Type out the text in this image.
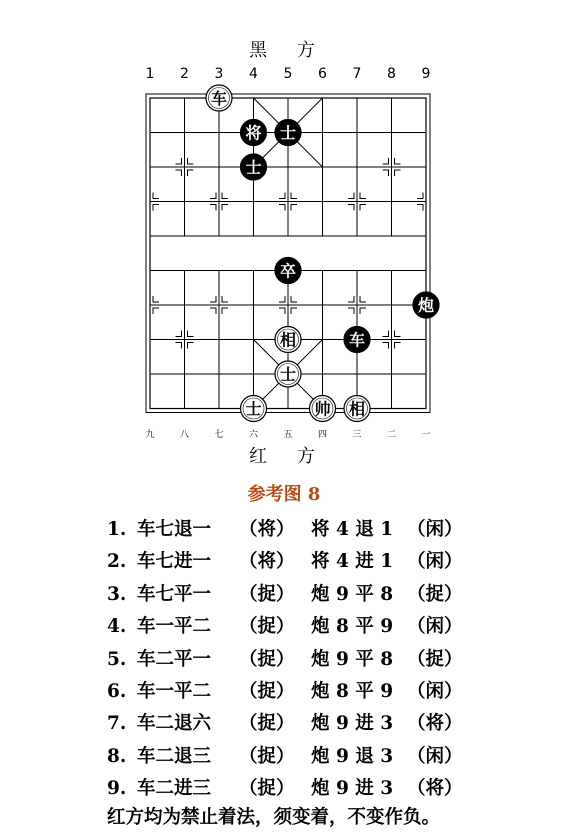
黑 方
1 2 3 4 5 6 7 8 9
车
将 士
士
卒
炮
相	车
士
士	帅 相
九	八	七	六	五	四	三	二	一
红 方
参考图 8
1. 车七退一 （将） 将 4 退 1 （闲）
2. 车七进一 （将） 将 4 进 1 （闲）
3. 车七平一 （捉） 炮 9 平 8 （捉）
4. 车一平二 （捉） 炮 8 平 9 （闲）
5. 车二平一 （捉） 炮 9 平 8 （捉）
6. 车一平二 （捉） 炮 8 平 9 （闲）
7. 车二退六 （捉） 炮 9 进 3 （将）
8. 车二退三 （捉） 炮 9 退 3 （闲）
9. 车二进三 （捉） 炮 9 进 3 （将）
红方均为禁止着法，须变着，不变作负。
